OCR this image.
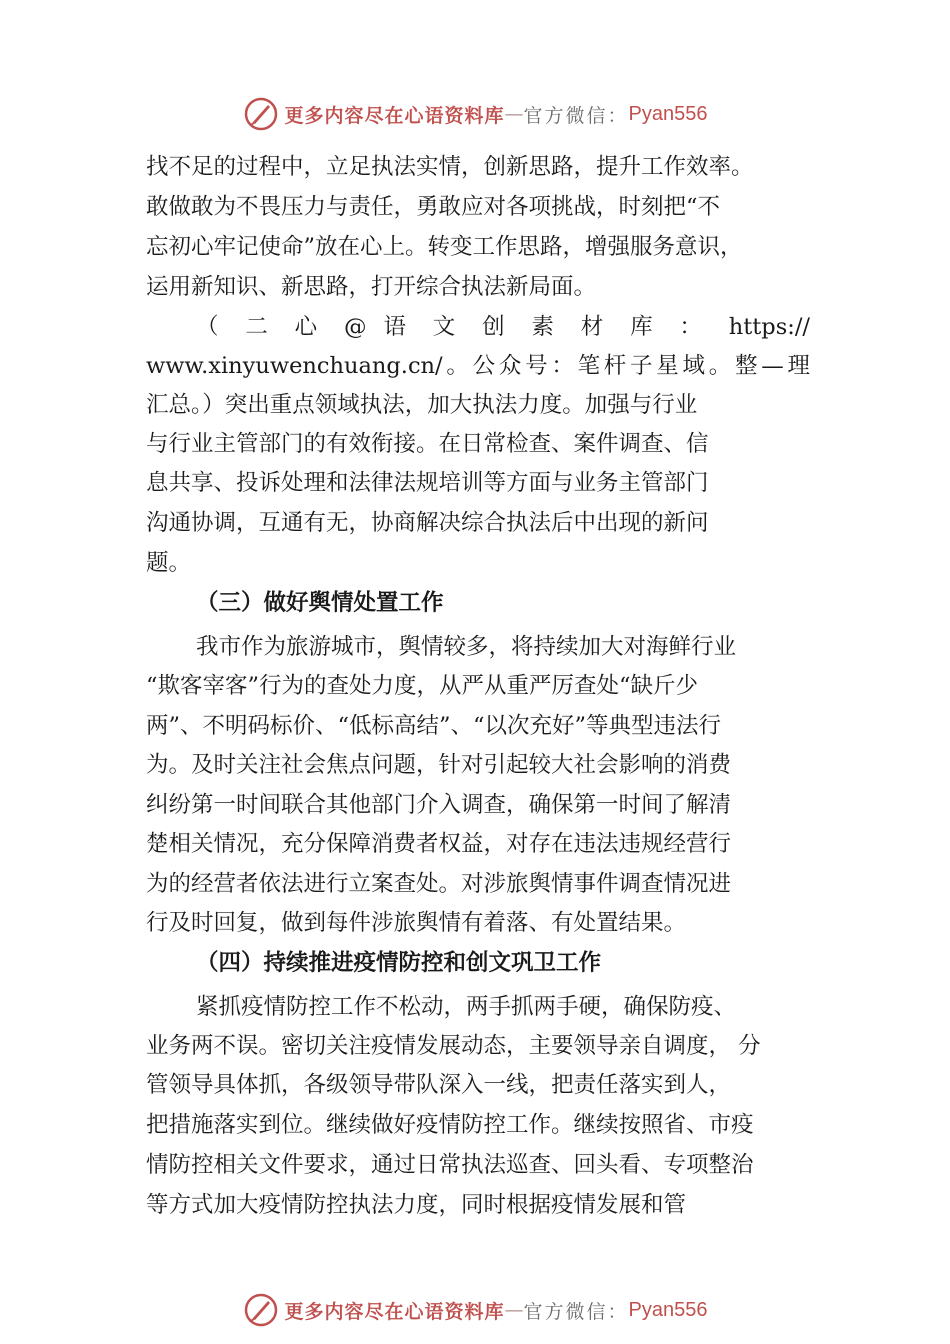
更多内容尽在心语资料库 — 官方微信： Pyan556
找不足的过程中，立足执法实情，创新思路，提升工作效率。
敢做敢为不畏压力与责任，勇敢应对各项挑战，时刻把“不
忘初心牢记使命”放在心上。转变工作思路，增强服务意识，
运用新知识、新思路，打开综合执法新局面。
（ 二 心 @ 语 文 创 素 材 库 ： https://
www.xinyuwenchuang.cn/。公众号：笔杆子星域。整—理
汇总。）突出重点领域执法，加大执法力度。加强与行业
与行业主管部门的有效衔接。在日常检查、案件调查、信
息共享、投诉处理和法律法规培训等方面与业务主管部门
沟通协调，互通有无，协商解决综合执法后中出现的新问
题。
（三）做好舆情处置工作
我市作为旅游城市，舆情较多，将持续加大对海鲜行业
“欺客宰客”行为的查处力度，从严从重严厉查处“缺斤少
两”、不明码标价、“低标高结”、“以次充好”等典型违法行
为。及时关注社会焦点问题，针对引起较大社会影响的消费
纠纷第一时间联合其他部门介入调查，确保第一时间了解清
楚相关情况，充分保障消费者权益，对存在违法违规经营行
为的经营者依法进行立案查处。对涉旅舆情事件调查情况进
行及时回复，做到每件涉旅舆情有着落、有处置结果。
（四）持续推进疫情防控和创文巩卫工作
紧抓疫情防控工作不松动，两手抓两手硬，确保防疫、
业务两不误。密切关注疫情发展动态，主要领导亲自调度， 分
管领导具体抓，各级领导带队深入一线，把责任落实到人，
把措施落实到位。继续做好疫情防控工作。继续按照省、市疫
情防控相关文件要求，通过日常执法巡查、回头看、专项整治
等方式加大疫情防控执法力度，同时根据疫情发展和管
更多内容尽在心语资料库 — 官方微信： Pyan556
